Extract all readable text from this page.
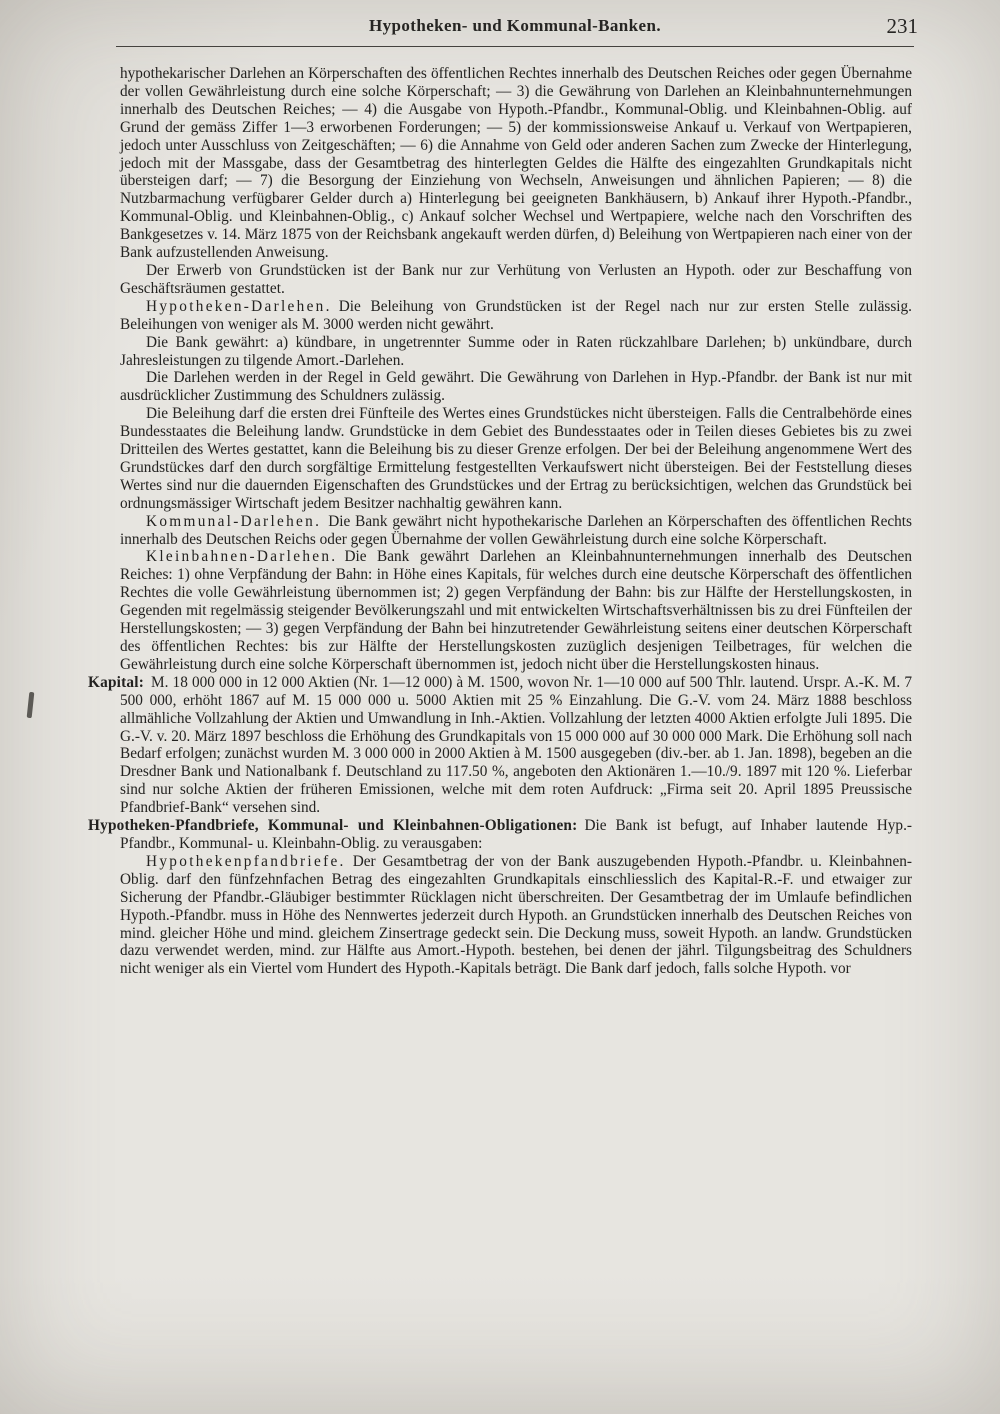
Hypotheken- und Kommunal-Banken.	231

hypothekarischer Darlehen an Körperschaften des öffentlichen Rechtes innerhalb des Deutschen Reiches oder gegen Übernahme der vollen Gewährleistung durch eine solche Körperschaft; — 3) die Gewährung von Darlehen an Kleinbahnunternehmungen innerhalb des Deutschen Reiches; — 4) die Ausgabe von Hypoth.-Pfandbr., Kommunal-Oblig. und Kleinbahnen-Oblig. auf Grund der gemäss Ziffer 1—3 erworbenen Forderungen; — 5) der kommissionsweise Ankauf u. Verkauf von Wertpapieren, jedoch unter Ausschluss von Zeitgeschäften; — 6) die Annahme von Geld oder anderen Sachen zum Zwecke der Hinterlegung, jedoch mit der Massgabe, dass der Gesamtbetrag des hinterlegten Geldes die Hälfte des eingezahlten Grundkapitals nicht übersteigen darf; — 7) die Besorgung der Einziehung von Wechseln, Anweisungen und ähnlichen Papieren; — 8) die Nutzbarmachung verfügbarer Gelder durch a) Hinterlegung bei geeigneten Bankhäusern, b) Ankauf ihrer Hypoth.-Pfandbr., Kommunal-Oblig. und Kleinbahnen-Oblig., c) Ankauf solcher Wechsel und Wertpapiere, welche nach den Vorschriften des Bankgesetzes v. 14. März 1875 von der Reichsbank angekauft werden dürfen, d) Beleihung von Wertpapieren nach einer von der Bank aufzustellenden Anweisung.

Der Erwerb von Grundstücken ist der Bank nur zur Verhütung von Verlusten an Hypoth. oder zur Beschaffung von Geschäftsräumen gestattet.

Hypotheken-Darlehen. Die Beleihung von Grundstücken ist der Regel nach nur zur ersten Stelle zulässig. Beleihungen von weniger als M. 3000 werden nicht gewährt.

Die Bank gewährt: a) kündbare, in ungetrennter Summe oder in Raten rückzahlbare Darlehen; b) unkündbare, durch Jahresleistungen zu tilgende Amort.-Darlehen.

Die Darlehen werden in der Regel in Geld gewährt. Die Gewährung von Darlehen in Hyp.-Pfandbr. der Bank ist nur mit ausdrücklicher Zustimmung des Schuldners zulässig.

Die Beleihung darf die ersten drei Fünfteile des Wertes eines Grundstückes nicht übersteigen. Falls die Centralbehörde eines Bundesstaates die Beleihung landw. Grundstücke in dem Gebiet des Bundesstaates oder in Teilen dieses Gebietes bis zu zwei Dritteilen des Wertes gestattet, kann die Beleihung bis zu dieser Grenze erfolgen. Der bei der Beleihung angenommene Wert des Grundstückes darf den durch sorgfältige Ermittelung festgestellten Verkaufswert nicht übersteigen. Bei der Feststellung dieses Wertes sind nur die dauernden Eigenschaften des Grundstückes und der Ertrag zu berücksichtigen, welchen das Grundstück bei ordnungsmässiger Wirtschaft jedem Besitzer nachhaltig gewähren kann.

Kommunal-Darlehen. Die Bank gewährt nicht hypothekarische Darlehen an Körperschaften des öffentlichen Rechts innerhalb des Deutschen Reichs oder gegen Übernahme der vollen Gewährleistung durch eine solche Körperschaft.

Kleinbahnen-Darlehen. Die Bank gewährt Darlehen an Kleinbahnunternehmungen innerhalb des Deutschen Reiches: 1) ohne Verpfändung der Bahn: in Höhe eines Kapitals, für welches durch eine deutsche Körperschaft des öffentlichen Rechtes die volle Gewährleistung übernommen ist; 2) gegen Verpfändung der Bahn: bis zur Hälfte der Herstellungskosten, in Gegenden mit regelmässig steigender Bevölkerungszahl und mit entwickelten Wirtschaftsverhältnissen bis zu drei Fünfteilen der Herstellungskosten; — 3) gegen Verpfändung der Bahn bei hinzutretender Gewährleistung seitens einer deutschen Körperschaft des öffentlichen Rechtes: bis zur Hälfte der Herstellungskosten zuzüglich desjenigen Teilbetrages, für welchen die Gewährleistung durch eine solche Körperschaft übernommen ist, jedoch nicht über die Herstellungskosten hinaus.

Kapital: M. 18 000 000 in 12 000 Aktien (Nr. 1—12 000) à M. 1500, wovon Nr. 1—10 000 auf 500 Thlr. lautend. Urspr. A.-K. M. 7 500 000, erhöht 1867 auf M. 15 000 000 u. 5000 Aktien mit 25 % Einzahlung. Die G.-V. vom 24. März 1888 beschloss allmähliche Vollzahlung der Aktien und Umwandlung in Inh.-Aktien. Vollzahlung der letzten 4000 Aktien erfolgte Juli 1895. Die G.-V. v. 20. März 1897 beschloss die Erhöhung des Grundkapitals von 15 000 000 auf 30 000 000 Mark. Die Erhöhung soll nach Bedarf erfolgen; zunächst wurden M. 3 000 000 in 2000 Aktien à M. 1500 ausgegeben (div.-ber. ab 1. Jan. 1898), begeben an die Dresdner Bank und Nationalbank f. Deutschland zu 117.50 %, angeboten den Aktionären 1.—10./9. 1897 mit 120 %. Lieferbar sind nur solche Aktien der früheren Emissionen, welche mit dem roten Aufdruck: „Firma seit 20. April 1895 Preussische Pfandbrief-Bank“ versehen sind.

Hypotheken-Pfandbriefe, Kommunal- und Kleinbahnen-Obligationen: Die Bank ist befugt, auf Inhaber lautende Hyp.-Pfandbr., Kommunal- u. Kleinbahn-Oblig. zu verausgaben:

Hypothekenpfandbriefe. Der Gesamtbetrag der von der Bank auszugebenden Hypoth.-Pfandbr. u. Kleinbahnen-Oblig. darf den fünfzehnfachen Betrag des eingezahlten Grundkapitals einschliesslich des Kapital-R.-F. und etwaiger zur Sicherung der Pfandbr.-Gläubiger bestimmter Rücklagen nicht überschreiten. Der Gesamtbetrag der im Umlaufe befindlichen Hypoth.-Pfandbr. muss in Höhe des Nennwertes jederzeit durch Hypoth. an Grundstücken innerhalb des Deutschen Reiches von mind. gleicher Höhe und mind. gleichem Zinsertrage gedeckt sein. Die Deckung muss, soweit Hypoth. an landw. Grundstücken dazu verwendet werden, mind. zur Hälfte aus Amort.-Hypoth. bestehen, bei denen der jährl. Tilgungsbeitrag des Schuldners nicht weniger als ein Viertel vom Hundert des Hypoth.-Kapitals beträgt. Die Bank darf jedoch, falls solche Hypoth. vor
